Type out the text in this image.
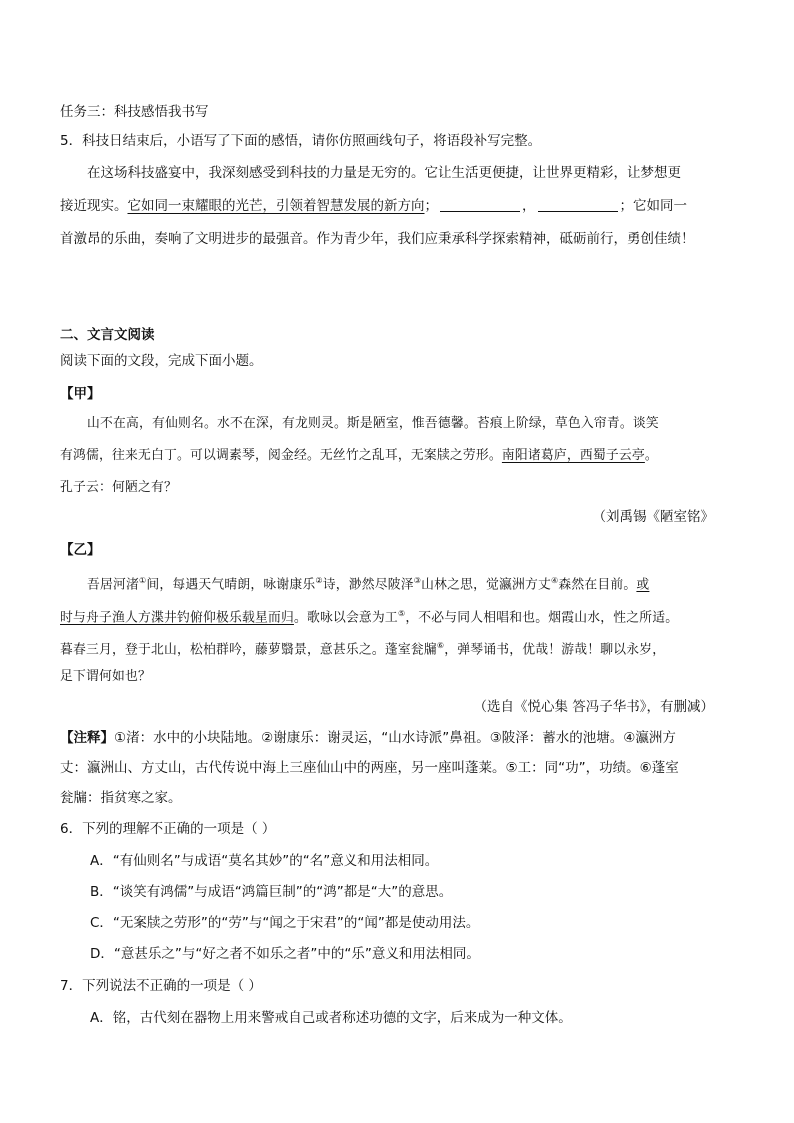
任务三：科技感悟我书写
5．科技日结束后，小语写了下面的感悟，请你仿照画线句子，将语段补写完整。
在这场科技盛宴中，我深刻感受到科技的力量是无穷的。它让生活更便捷，让世界更精彩，让梦想更
接近现实。它如同一束耀眼的光芒，引领着智慧发展的新方向；	，	；它如同一
首激昂的乐曲，奏响了文明进步的最强音。作为青少年，我们应秉承科学探索精神，砥砺前行，勇创佳绩！
二、文言文阅读
阅读下面的文段，完成下面小题。
【甲】
山不在高，有仙则名。水不在深，有龙则灵。斯是陋室，惟吾德馨。苔痕上阶绿，草色入帘青。谈笑
有鸿儒，往来无白丁。可以调素琴，阅金经。无丝竹之乱耳，无案牍之劳形。南阳诸葛庐，西蜀子云亭。
孔子云：何陋之有？
（刘禹锡《陋室铭》
【乙】
吾居河渚①间，每遇天气晴朗，咏谢康乐②诗，渺然尽陂泽③山林之思，觉瀛洲方丈④森然在目前。或
时与舟子渔人方渫井钓俯仰极乐载星而归。歌咏以会意为工⑤，不必与同人相唱和也。烟霞山水，性之所适。
暮春三月，登于北山，松柏群吟，藤萝翳景，意甚乐之。蓬室瓮牖⑥，弹琴诵书，优哉！游哉！聊以永岁，
足下谓何如也？
（选自《悦心集 答冯子华书》，有删减）
【注释】①渚：水中的小块陆地。②谢康乐：谢灵运，“山水诗派”鼻祖。③陂泽：蓄水的池塘。④瀛洲方
丈：瀛洲山、方丈山，古代传说中海上三座仙山中的两座，另一座叫蓬莱。⑤工：同“功”，功绩。⑥蓬室
瓮牖：指贫寒之家。
6．下列的理解不正确的一项是（ ）
A．“有仙则名”与成语“莫名其妙”的“名”意义和用法相同。
B．“谈笑有鸿儒”与成语“鸿篇巨制”的“鸿”都是“大”的意思。
C．“无案牍之劳形”的“劳”与“闻之于宋君”的“闻”都是使动用法。
D．“意甚乐之”与“好之者不如乐之者”中的“乐”意义和用法相同。
7．下列说法不正确的一项是（ ）
A．铭，古代刻在器物上用来警戒自己或者称述功德的文字，后来成为一种文体。
